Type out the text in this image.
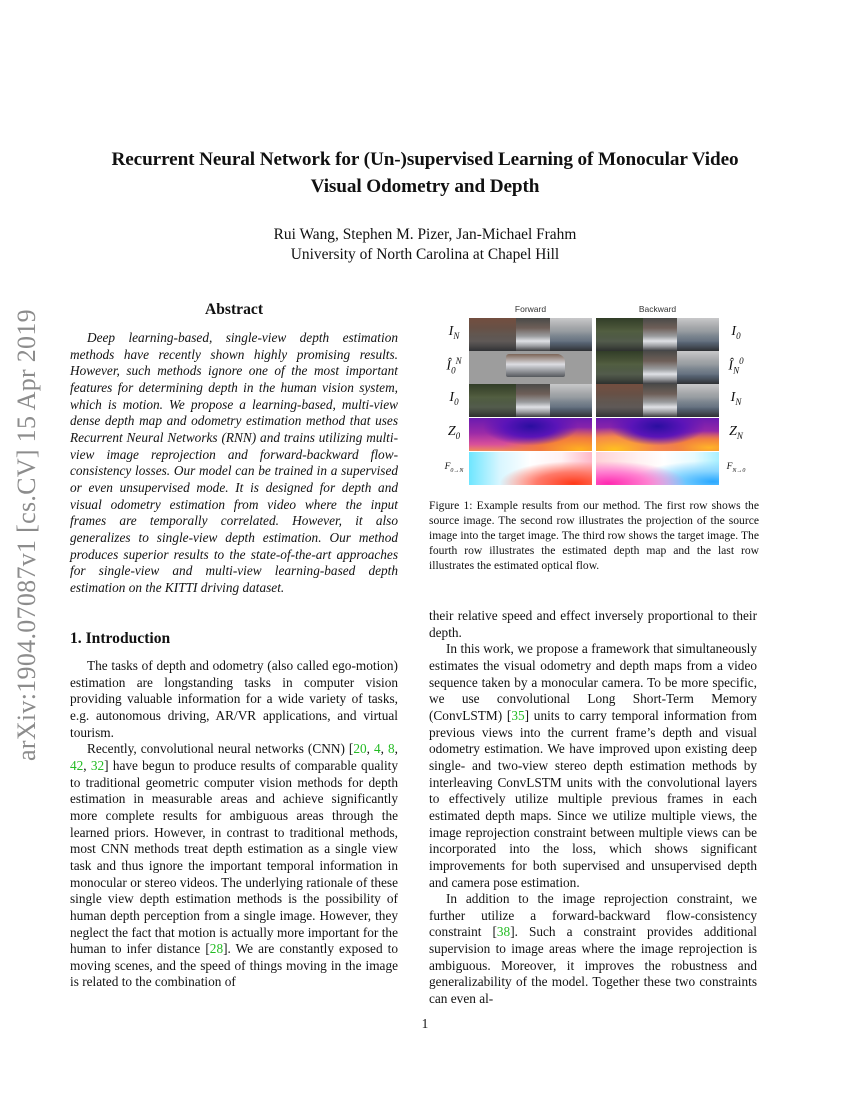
arXiv:1904.07087v1 [cs.CV] 15 Apr 2019
Recurrent Neural Network for (Un-)supervised Learning of Monocular Video
Visual Odometry and Depth
Rui Wang, Stephen M. Pizer, Jan-Michael Frahm
University of North Carolina at Chapel Hill
Abstract

Deep learning-based, single-view depth estimation methods have recently shown highly promising results. However, such methods ignore one of the most important features for determining depth in the human vision system, which is motion. We propose a learning-based, multi-view dense depth map and odometry estimation method that uses Recurrent Neural Networks (RNN) and trains utilizing multi-view image reprojection and forward-backward flow-consistency losses. Our model can be trained in a supervised or even unsupervised mode. It is designed for depth and visual odometry estimation from video where the input frames are temporally correlated. However, it also generalizes to single-view depth estimation. Our method produces superior results to the state-of-the-art approaches for single-view and multi-view learning-based depth estimation on the KITTI driving dataset.

1. Introduction

The tasks of depth and odometry (also called ego-motion) estimation are longstanding tasks in computer vision providing valuable information for a wide variety of tasks, e.g. autonomous driving, AR/VR applications, and virtual tourism.

Recently, convolutional neural networks (CNN) [20, 4, 8, 42, 32] have begun to produce results of comparable quality to traditional geometric computer vision methods for depth estimation in measurable areas and achieve significantly more complete results for ambiguous areas through the learned priors. However, in contrast to traditional methods, most CNN methods treat depth estimation as a single view task and thus ignore the important temporal information in monocular or stereo videos. The underlying rationale of these single view depth estimation methods is the possibility of human depth perception from a single image. However, they neglect the fact that motion is actually more important for the human to infer distance [28]. We are constantly exposed to moving scenes, and the speed of things moving in the image is related to the combination of

Forward	Backward
$I_N$
$Î_0^N$
$I_0$
$Z_0$
$F_{0\to N}$
$I_0$
$Î_N^0$
$I_N$
$Z_N$
$F_{N\to 0}$
Figure 1: Example results from our method. The first row shows the source image. The second row illustrates the projection of the source image into the target image. The third row shows the target image. The fourth row illustrates the estimated depth map and the last row illustrates the estimated optical flow.

their relative speed and effect inversely proportional to their depth.

In this work, we propose a framework that simultaneously estimates the visual odometry and depth maps from a video sequence taken by a monocular camera. To be more specific, we use convolutional Long Short-Term Memory (ConvLSTM) [35] units to carry temporal information from previous views into the current frame’s depth and visual odometry estimation. We have improved upon existing deep single- and two-view stereo depth estimation methods by interleaving ConvLSTM units with the convolutional layers to effectively utilize multiple previous frames in each estimated depth maps. Since we utilize multiple views, the image reprojection constraint between multiple views can be incorporated into the loss, which shows significant improvements for both supervised and unsupervised depth and camera pose estimation.

In addition to the image reprojection constraint, we further utilize a forward-backward flow-consistency constraint [38]. Such a constraint provides additional supervision to image areas where the image reprojection is ambiguous. Moreover, it improves the robustness and generalizability of the model. Together these two constraints can even al-

1
